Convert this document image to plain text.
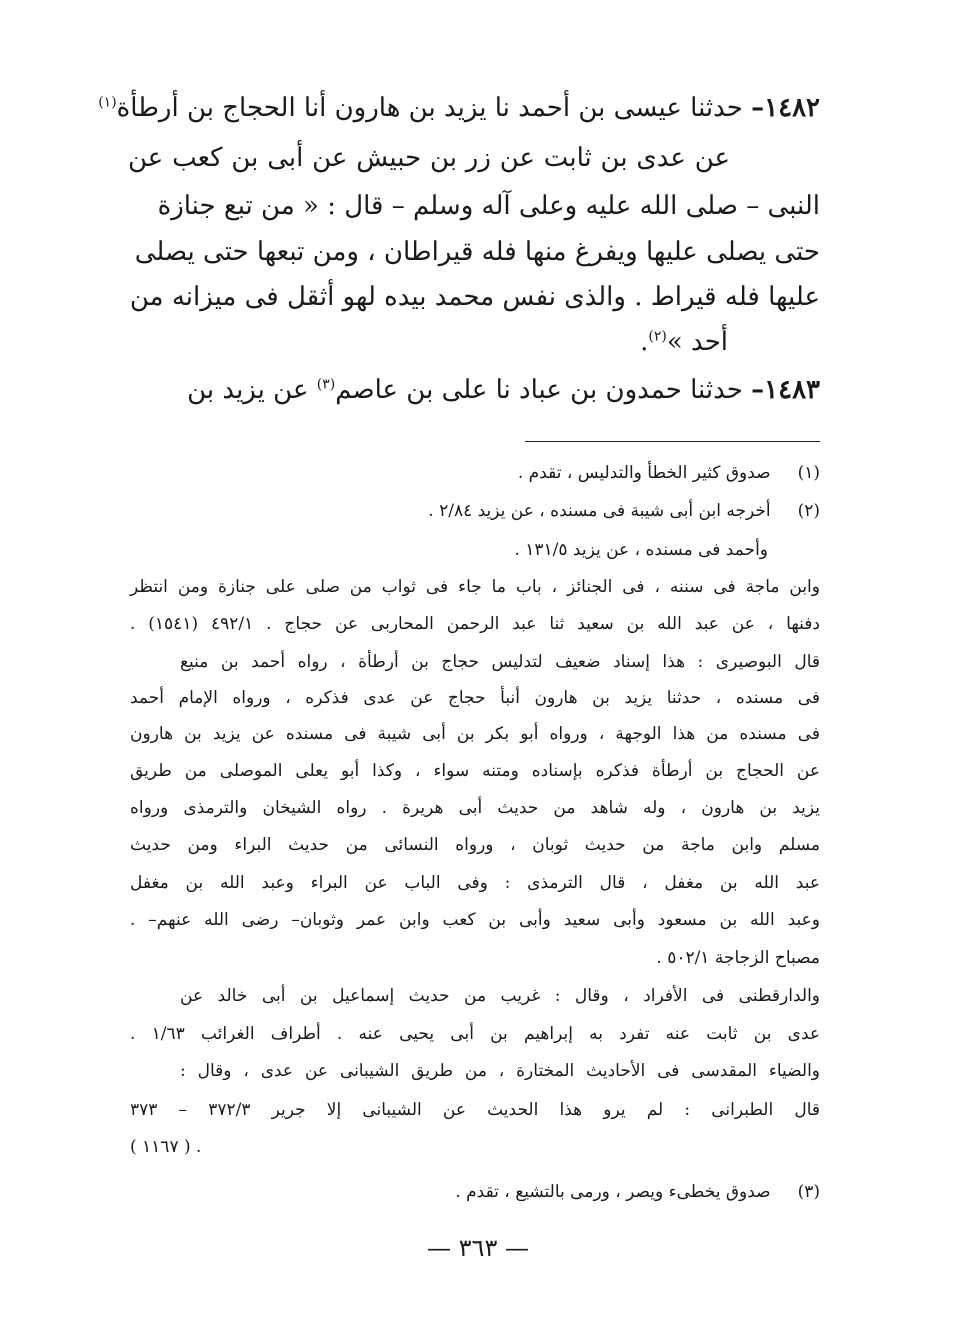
١٤٨٢– حدثنا عيسى بن أحمد نا يزيد بن هارون أنا الحجاج بن أرطأة$^{(١)}$
عن عدى بن ثابت عن زر بن حبيش عن أبى بن كعب عن
النبى – صلى الله عليه وعلى آله وسلم – قال : « من تبع جنازة
حتى يصلى عليها ويفرغ منها فله قيراطان ، ومن تبعها حتى يصلى
عليها فله قيراط . والذى نفس محمد بيده لهو أثقل فى ميزانه من
أحد »$^{(٢)}$.
١٤٨٣– حدثنا حمدون بن عباد نا على بن عاصم$^{(٣)}$ عن يزيد بن
(١) صدوق كثير الخطأ والتدليس ، تقدم .
(٢) أخرجه ابن أبى شيبة فى مسنده ، عن يزيد ٢/٨٤ .
وأحمد فى مسنده ، عن يزيد ١٣١/٥ .
وابن ماجة فى سننه ، فى الجنائز ، باب ما جاء فى ثواب من صلى على جنازة ومن انتظر
دفنها ، عن عبد الله بن سعيد ثنا عبد الرحمن المحاربى عن حجاج . ٤٩٢/١ (١٥٤١) .
قال البوصيرى : هذا إسناد ضعيف لتدليس حجاج بن أرطأة ، رواه أحمد بن منيع
فى مسنده ، حدثنا يزيد بن هارون أنبأ حجاج عن عدى فذكره ، ورواه الإمام أحمد
فى مسنده من هذا الوجهة ، ورواه أبو بكر بن أبى شيبة فى مسنده عن يزيد بن هارون
عن الحجاج بن أرطأة فذكره بإسناده ومتنه سواء ، وكذا أبو يعلى الموصلى من طريق
يزيد بن هارون ، وله شاهد من حديث أبى هريرة . رواه الشيخان والترمذى ورواه
مسلم وابن ماجة من حديث ثوبان ، ورواه النسائى من حديث البراء ومن حديث
عبد الله بن مغفل ، قال الترمذى : وفى الباب عن البراء وعبد الله بن مغفل
وعبد الله بن مسعود وأبى سعيد وأبى بن كعب وابن عمر وثوبان– رضى الله عنهم– .
مصباح الزجاجة ٥٠٢/١ .
والدارقطنى فى الأفراد ، وقال : غريب من حديث إسماعيل بن أبى خالد عن
عدى بن ثابت عنه تفرد به إبراهيم بن أبى يحيى عنه . أطراف الغرائب ١/٦٣ .
والضياء المقدسى فى الأحاديث المختارة ، من طريق الشيبانى عن عدى ، وقال :
قال الطبرانى : لم يرو هذا الحديث عن الشيبانى إلا جرير ٣٧٢/٣ – ٣٧٣
( ١١٦٧ ) .
(٣) صدوق يخطىء ويصر ، ورمى بالتشيع ، تقدم .
— ٣٦٣ —
